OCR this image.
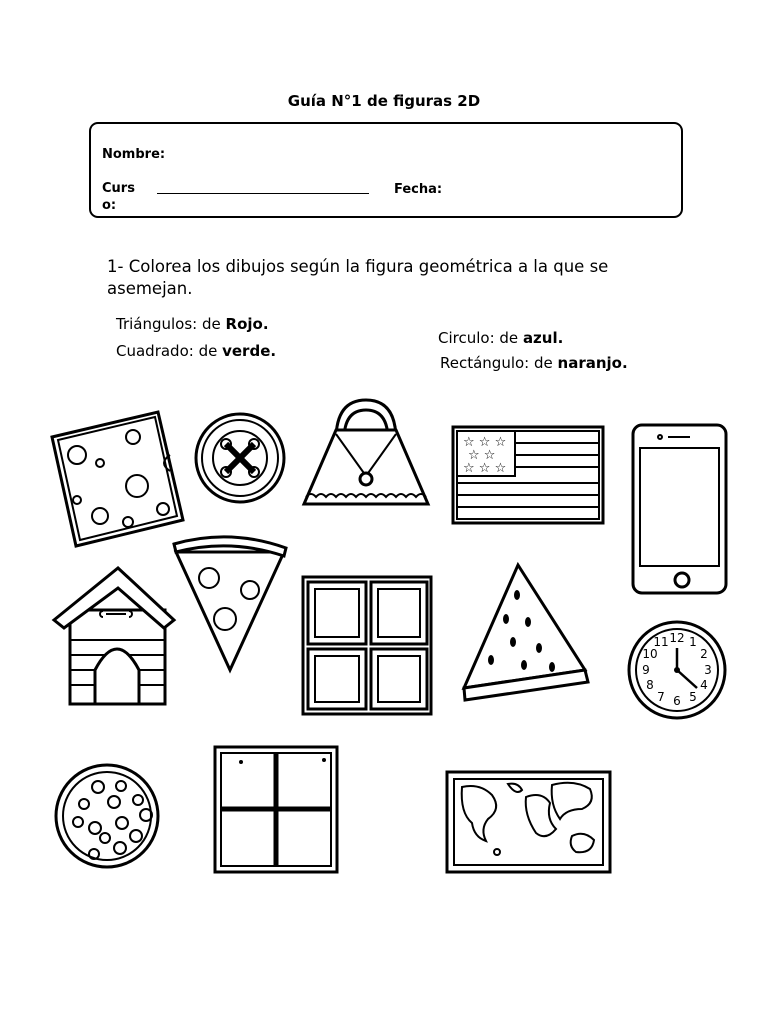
Guía N°1 de figuras 2D
Nombre:
Curs
o:
Fecha:
1- Colorea los dibujos según la figura geométrica a la que se asemejan.
Triángulos: de Rojo.
Cuadrado: de verde.
Circulo: de azul.
Rectángulo: de naranjo.
☆ ☆ ☆
☆ ☆
☆ ☆ ☆
12 1
2
3
4
5
6
7
8
9
10
11
